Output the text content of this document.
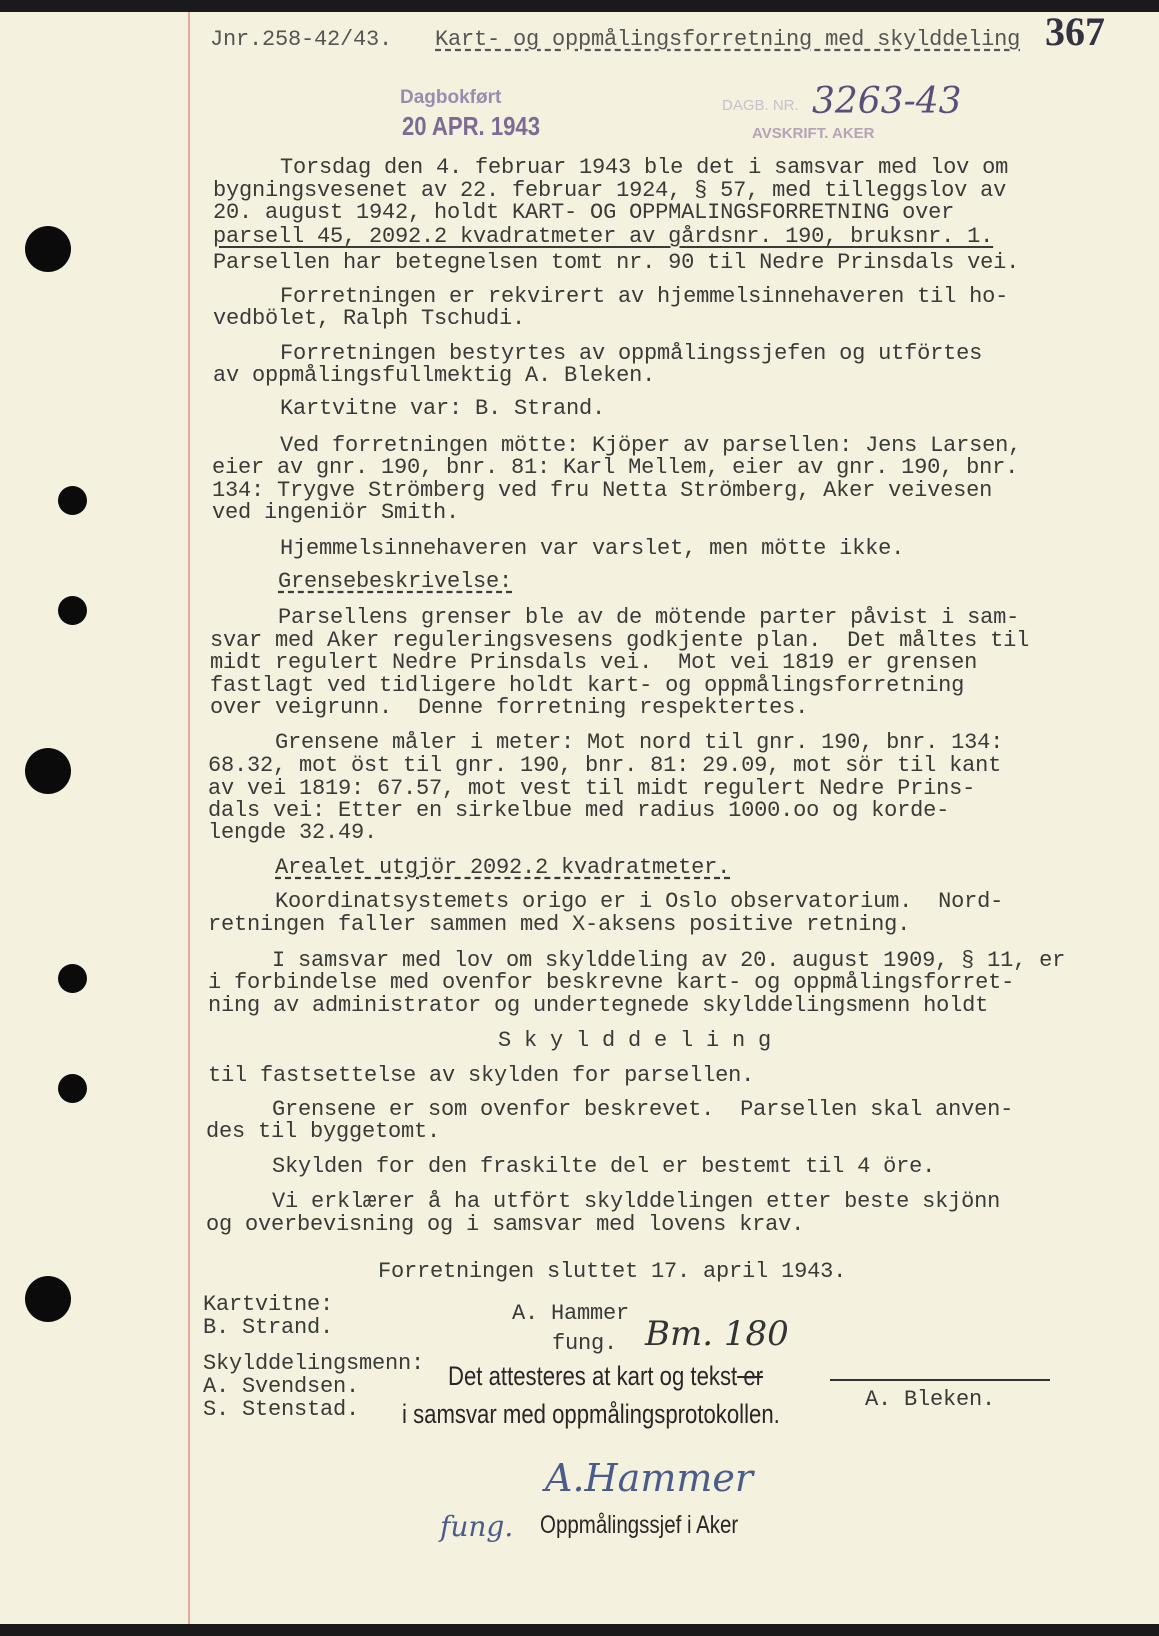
Jnr.258-42/43. Kart- og oppmålingsforretning med skylddeling 367
Dagbokført
20 APR. 1943
DAGB. NR. 3263-43
AVSKRIFT. AKER
Torsdag den 4. februar 1943 ble det i samsvar med lov om
bygningsvesenet av 22. februar 1924, § 57, med tilleggslov av
20. august 1942, holdt KART- OG OPPMALINGSFORRETNING over
parsell 45, 2092.2 kvadratmeter av gårdsnr. 190, bruksnr. 1.
Parsellen har betegnelsen tomt nr. 90 til Nedre Prinsdals vei.
Forretningen er rekvirert av hjemmelsinnehaveren til ho-
vedbölet, Ralph Tschudi.
Forretningen bestyrtes av oppmålingssjefen og utförtes
av oppmålingsfullmektig A. Bleken.
Kartvitne var: B. Strand.
Ved forretningen mötte: Kjöper av parsellen: Jens Larsen,
eier av gnr. 190, bnr. 81: Karl Mellem, eier av gnr. 190, bnr.
134: Trygve Strömberg ved fru Netta Strömberg, Aker veivesen
ved ingeniör Smith.
Hjemmelsinnehaveren var varslet, men mötte ikke.
Grensebeskrivelse:
Parsellens grenser ble av de mötende parter påvist i sam-
svar med Aker reguleringsvesens godkjente plan.  Det måltes til
midt regulert Nedre Prinsdals vei.  Mot vei 1819 er grensen
fastlagt ved tidligere holdt kart- og oppmålingsforretning
over veigrunn.  Denne forretning respektertes.
Grensene måler i meter: Mot nord til gnr. 190, bnr. 134:
68.32, mot öst til gnr. 190, bnr. 81: 29.09, mot sör til kant
av vei 1819: 67.57, mot vest til midt regulert Nedre Prins-
dals vei: Etter en sirkelbue med radius 1000.oo og korde-
lengde 32.49.
Arealet utgjör 2092.2 kvadratmeter.
Koordinatsystemets origo er i Oslo observatorium.  Nord-
retningen faller sammen med X-aksens positive retning.
I samsvar med lov om skylddeling av 20. august 1909, § 11, er
i forbindelse med ovenfor beskrevne kart- og oppmålingsforret-
ning av administrator og undertegnede skylddelingsmenn holdt
S k y l d d e l i n g
til fastsettelse av skylden for parsellen.
Grensene er som ovenfor beskrevet.  Parsellen skal anven-
des til byggetomt.
Skylden for den fraskilte del er bestemt til 4 öre.
Vi erklærer å ha utfört skylddelingen etter beste skjönn
og overbevisning og i samsvar med lovens krav.
Forretningen sluttet 17. april 1943.
Kartvitne:
B. Strand.
A. Hammer
Bm. 180
fung.
Skylddelingsmenn:
A. Svendsen.
S. Stenstad.	A. Bleken.
Det attesteres at kart og tekst er
i samsvar med oppmålingsprotokollen.
A.Hammer
fung. Oppmålingssjef i Aker
